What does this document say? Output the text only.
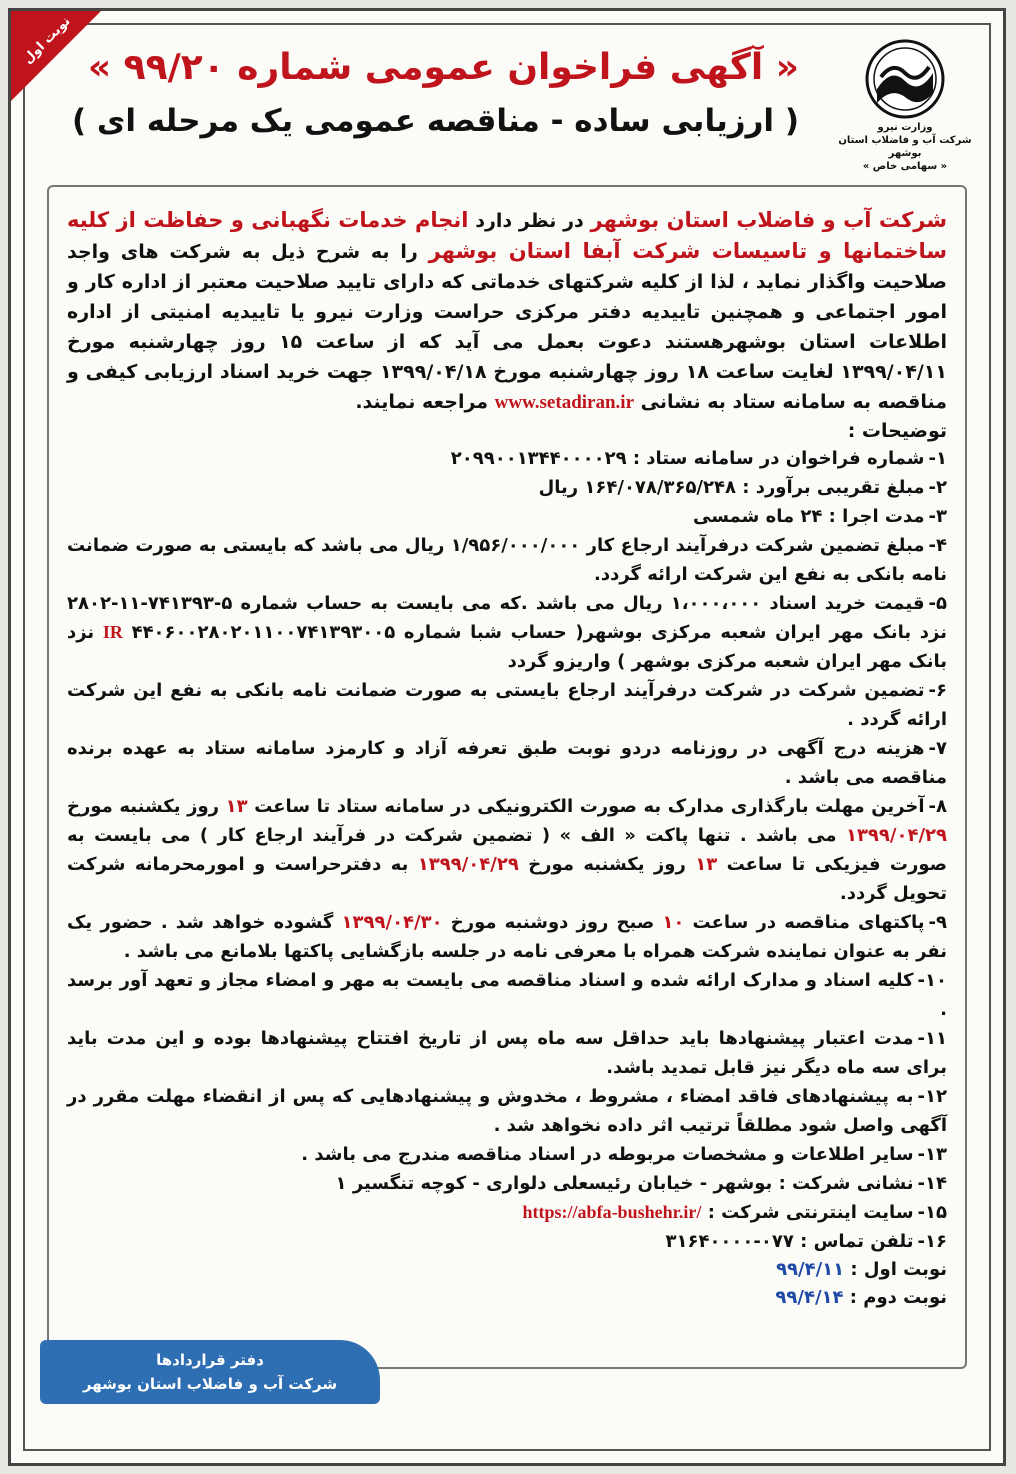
نوبت اول
« آگهی فراخوان عمومی شماره ۹۹/۲۰ »
( ارزیابی ساده - مناقصه عمومی یک مرحله ای )	وزارت نیرو
شرکت آب و فاضلاب استان بوشهر
« سهامی خاص »

شرکت آب و فاضلاب استان بوشهر در نظر دارد انجام خدمات نگهبانی و حفاظت از کلیه ساختمانها و تاسیسات شرکت آبفا استان بوشهر را به شرح ذیل به شرکت های واجد صلاحیت واگذار نماید ، لذا از کلیه شرکتهای خدماتی که دارای تایید صلاحیت معتبر از اداره کار و امور اجتماعی و همچنین تاییدیه دفتر مرکزی حراست وزارت نیرو یا تاییدیه امنیتی از اداره اطلاعات استان بوشهرهستند دعوت بعمل می آید که از ساعت ۱۵ روز چهارشنبه مورخ ۱۳۹۹/۰۴/۱۱ لغایت ساعت ۱۸ روز چهارشنبه مورخ ۱۳۹۹/۰۴/۱۸ جهت خرید اسناد ارزیابی کیفی و مناقصه به سامانه ستاد به نشانی www.setadiran.ir مراجعه نمایند.

توضیحات :
۱-شماره فراخوان در سامانه ستاد : ۲۰۹۹۰۰۱۳۴۴۰۰۰۰۲۹
۲-مبلغ تقریبی برآورد : ۱۶۴/۰۷۸/۳۶۵/۲۴۸ ریال
۳-مدت اجرا : ۲۴ ماه شمسی
۴-مبلغ تضمین شرکت درفرآیند ارجاع کار ۱/۹۵۶/۰۰۰/۰۰۰ ریال می باشد که بایستی به صورت ضمانت نامه بانکی به نفع این شرکت ارائه گردد.
۵-قیمت خرید اسناد ۱،۰۰۰،۰۰۰ ریال می باشد .که می بایست به حساب شماره ۵-۷۴۱۳۹۳-۱۱-۲۸۰۲ نزد بانک مهر ایران شعبه مرکزی بوشهر( حساب شبا شماره ۴۴۰۶۰۰۲۸۰۲۰۱۱۰۰۷۴۱۳۹۳۰۰۵ IR نزد بانک مهر ایران شعبه مرکزی بوشهر ) واریزو گردد
۶-تضمین شرکت در شرکت درفرآیند ارجاع بایستی به صورت ضمانت نامه بانکی به نفع این شرکت ارائه گردد .
۷-هزینه درج آگهی در روزنامه دردو نوبت طبق تعرفه آزاد و کارمزد سامانه ستاد به عهده برنده مناقصه می باشد .
۸-آخرین مهلت بارگذاری مدارک به صورت الکترونیکی در سامانه ستاد تا ساعت ۱۳ روز یکشنبه مورخ ۱۳۹۹/۰۴/۲۹ می باشد . تنها پاکت « الف » ( تضمین شرکت در فرآیند ارجاع کار ) می بایست به صورت فیزیکی تا ساعت ۱۳ روز یکشنبه مورخ ۱۳۹۹/۰۴/۲۹ به دفترحراست و امورمحرمانه شرکت تحویل گردد.
۹-پاکتهای مناقصه در ساعت ۱۰ صبح روز دوشنبه مورخ ۱۳۹۹/۰۴/۳۰ گشوده خواهد شد . حضور یک نفر به عنوان نماینده شرکت همراه با معرفی نامه در جلسه بازگشایی پاکتها بلامانع می باشد .
۱۰-کلیه اسناد و مدارک ارائه شده و اسناد مناقصه می بایست به مهر و امضاء مجاز و تعهد آور برسد .
۱۱-مدت اعتبار پیشنهادها باید حداقل سه ماه پس از تاریخ افتتاح پیشنهادها بوده و این مدت باید برای سه ماه دیگر نیز قابل تمدید باشد.
۱۲-به پیشنهادهای فاقد امضاء ، مشروط ، مخدوش و پیشنهادهایی که پس از انقضاء مهلت مقرر در آگهی واصل شود مطلقاً ترتیب اثر داده نخواهد شد .
۱۳-سایر اطلاعات و مشخصات مربوطه در اسناد مناقصه مندرج می باشد .
۱۴-نشانی شرکت : بوشهر - خیابان رئیسعلی دلواری - کوچه تنگسیر ۱
۱۵-سایت اینترنتی شرکت : https://abfa-bushehr.ir/
۱۶-تلفن تماس : ۰۷۷-۳۱۶۴۰۰۰۰
نوبت اول : ۹۹/۴/۱۱
نوبت دوم : ۹۹/۴/۱۴
دفتر قراردادها
شرکت آب و فاضلاب استان بوشهر
